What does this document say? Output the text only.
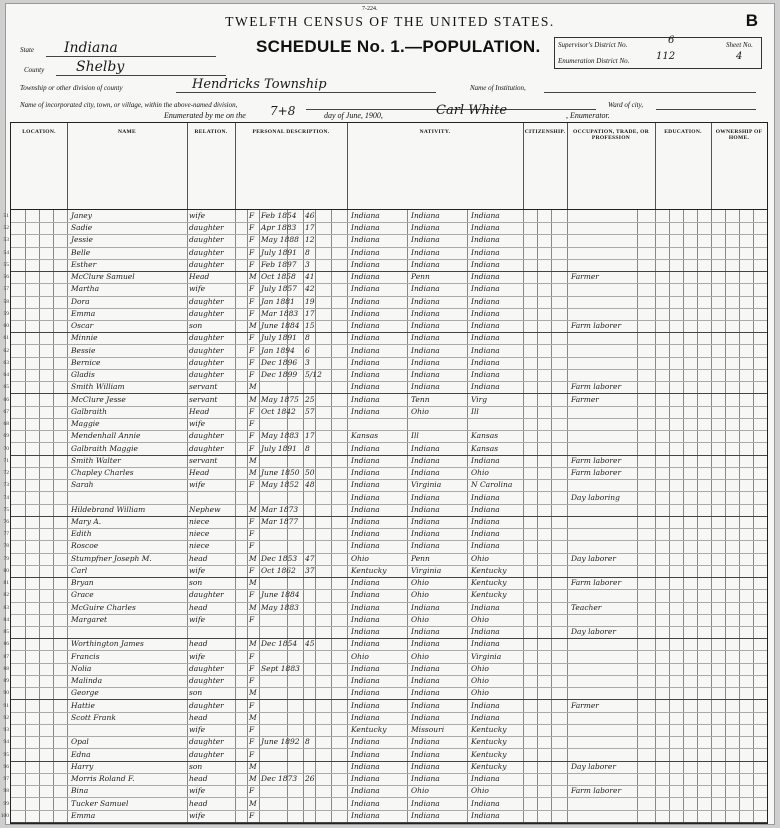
7-224.
TWELFTH CENSUS OF THE UNITED STATES.	B
SCHEDULE No. 1.—POPULATION.
State Indiana
County Shelby
Township or other division of county	Hendricks Township	Name of Institution,
Name of incorporated city, town, or village, within the above-named division,	Ward of city,
Enumerated by me on the 7+8	day of June, 1900,	Carl White	, Enumerator.
Supervisor's District No.	6
Enumeration District No.	112
Sheet No.
4
LOCATION.	NAME	RELATION.	PERSONAL DESCRIPTION.	NATIVITY.	CITIZENSHIP.	OCCUPATION, TRADE, OR PROFESSION
EDUCATION.	OWNERSHIP OF HOME.
51	Janey	wife	F Feb 1854	46	Indiana	Indiana	Indiana
52	Sadie	daughter	F Apr 1883	17	Indiana	Indiana	Indiana
53	Jessie	daughter	F May 1888 12	Indiana	Indiana	Indiana
54	Belle	daughter	F July 1891	8	Indiana	Indiana	Indiana
55	Esther	daughter	F Feb 1897	3	Indiana	Indiana	Indiana
56	McClure Samuel	Head	M Oct 1858	41	Indiana	Penn	Indiana	Farmer
57	Martha	wife	F July 1857	42	Indiana	Indiana	Indiana
58	Dora	daughter	F Jan 1881	19	Indiana	Indiana	Indiana
59	Emma	daughter	F Mar 1883 17	Indiana	Indiana	Indiana
60	Oscar	son	M June 1884 15	Indiana	Indiana	Indiana	Farm laborer
61	Minnie	daughter	F July 1891	8	Indiana	Indiana	Indiana
62	Bessie	daughter	F Jan 1894	6	Indiana	Indiana	Indiana
63	Bernice	daughter	F Dec 1896	3	Indiana	Indiana	Indiana
64	Gladis	daughter	F Dec 1899	5/12	Indiana	Indiana	Indiana
65	Smith William	servant	M	Indiana	Indiana	Indiana	Farm laborer
66	McClure Jesse	servant	M May 1875 25	Indiana	Tenn	Virg	Farmer
67	Galbraith	Head	F Oct 1842	57	Indiana	Ohio	Ill
68	Maggie	wife	F
69	Mendenhall Annie	daughter	F May 1883 17	Kansas	Ill	Kansas
70	Galbraith Maggie	daughter	F July 1891	8	Indiana	Indiana	Kansas
71	Smith Walter	servant	M	Indiana	Indiana	Indiana	Farm laborer
72	Chapley Charles	Head	M June 1850 50	Indiana	Indiana	Ohio	Farm laborer
73	Sarah	wife	F May 1852 48	Indiana	Virginia	N Carolina
74	Indiana	Indiana	Indiana	Day laboring
75	Hildebrand William	Nephew	M Mar 1873	Indiana	Indiana	Indiana
76	Mary A.	niece	F Mar 1877	Indiana	Indiana	Indiana
77	Edith	niece	F	Indiana	Indiana	Indiana
78	Roscoe	niece	F	Indiana	Indiana	Indiana
79	Stumpfner Joseph M.	head	M Dec 1853	47	Ohio	Penn	Ohio	Day laborer
80	Carl	wife	F Oct 1862	37	Kentucky	Virginia	Kentucky
81	Bryan	son	M	Indiana	Ohio	Kentucky	Farm laborer
82	Grace	daughter	F June 1884	Indiana	Ohio	Kentucky
83	McGuire Charles	head	M May 1883	Indiana	Indiana	Indiana	Teacher
84	Margaret	wife	F	Indiana	Ohio	Ohio
85	Indiana	Indiana	Indiana	Day laborer
86	Worthington James	head	M Dec 1854	45	Indiana	Indiana	Indiana
87	Francis	wife	F	Ohio	Ohio	Virginia
88	Nolia	daughter	F Sept 1883	Indiana	Indiana	Ohio
89	Malinda	daughter	F	Indiana	Indiana	Ohio
90	George	son	M	Indiana	Indiana	Ohio
91	Hattie	daughter	F	Indiana	Indiana	Indiana	Farmer
92	Scott Frank	head	M	Indiana	Indiana	Indiana
93	wife	F	Kentucky	Missouri	Kentucky
94	Opal	daughter	F June 1892 8	Indiana	Indiana	Kentucky
95	Edna	daughter	F	Indiana	Indiana	Kentucky
96	Harry	son	M	Indiana	Indiana	Kentucky	Day laborer
97	Morris Roland F.	head	M Dec 1873	26	Indiana	Indiana	Indiana
98	Bina	wife	F	Indiana	Ohio	Ohio	Farm laborer
99	Tucker Samuel	head	M	Indiana	Indiana	Indiana
100	Emma	wife	F	Indiana	Indiana	Indiana
